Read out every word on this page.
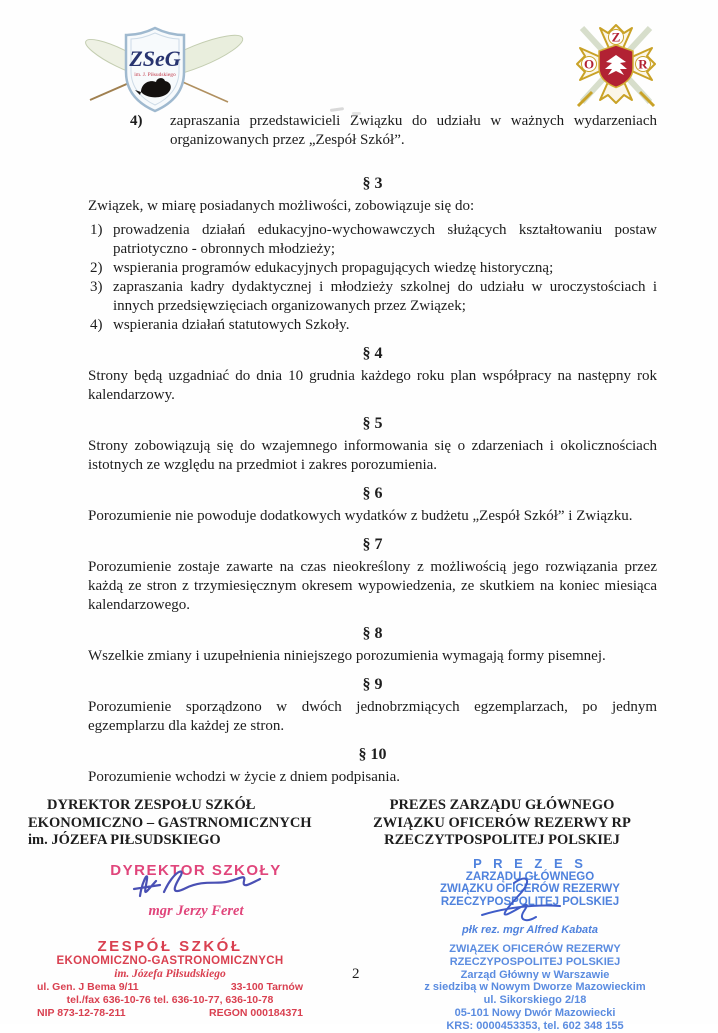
ZSeG
im. J. Piłsudskiego
Z
O	R
4) zapraszania przedstawicieli Związku do udziału w ważnych wydarzeniach organizowanych przez „Zespół Szkół”.
§ 3

Związek, w miarę posiadanych możliwości, zobowiązuje się do:

1) prowadzenia działań edukacyjno-wychowawczych służących kształtowaniu postaw patriotyczno - obronnych młodzieży;
2) wspierania programów edukacyjnych propagujących wiedzę historyczną;
3) zapraszania kadry dydaktycznej i młodzieży szkolnej do udziału w uroczystościach i innych przedsięwzięciach organizowanych przez Związek;
4) wspierania działań statutowych Szkoły.
§ 4

Strony będą uzgadniać do dnia 10 grudnia każdego roku plan współpracy na następny rok kalendarzowy.

§ 5

Strony zobowiązują się do wzajemnego informowania się o zdarzeniach i okolicznościach istotnych ze względu na przedmiot i zakres porozumienia.

§ 6

Porozumienie nie powoduje dodatkowych wydatków z budżetu „Zespół Szkół” i Związku.

§ 7

Porozumienie zostaje zawarte na czas nieokreślony z możliwością jego rozwiązania przez każdą ze stron z trzymiesięcznym okresem wypowiedzenia, ze skutkiem na koniec miesiąca kalendarzowego.

§ 8

Wszelkie zmiany i uzupełnienia niniejszego porozumienia wymagają formy pisemnej.

§ 9

Porozumienie sporządzono w dwóch jednobrzmiących egzemplarzach, po jednym egzemplarzu dla każdej ze stron.

§ 10

Porozumienie wchodzi w życie z dniem podpisania.

DYREKTOR ZESPOŁU SZKÓŁ
EKONOMICZNO – GASTRNOMICZNYCH
im. JÓZEFA PIŁSUDSKIEGO
PREZES ZARZĄDU GŁÓWNEGO
ZWIĄZKU OFICERÓW REZERWY RP
RZECZYTPOSPOLITEJ POLSKIEJ
DYREKTOR SZKOŁY
mgr Jerzy Feret
ZESPÓŁ SZKÓŁ
EKONOMICZNO-GASTRONOMICZNYCH
im. Józefa Piłsudskiego
ul. Gen. J Bema 9/11	33-100 Tarnów
tel./fax 636-10-76 tel. 636-10-77, 636-10-78
NIP 873-12-78-211	REGON 000184371
P R E Z E S
ZARZĄDU GŁÓWNEGO
ZWIĄZKU OFICERÓW REZERWY
RZECZYPOSPOLITEJ POLSKIEJ
płk rez. mgr Alfred Kabata
ZWIĄZEK OFICERÓW REZERWY
RZECZYPOSPOLITEJ POLSKIEJ
Zarząd Główny w Warszawie
z siedzibą w Nowym Dworze Mazowieckim
ul. Sikorskiego 2/18
05-101 Nowy Dwór Mazowiecki
KRS: 0000453353, tel. 602 348 155
2
